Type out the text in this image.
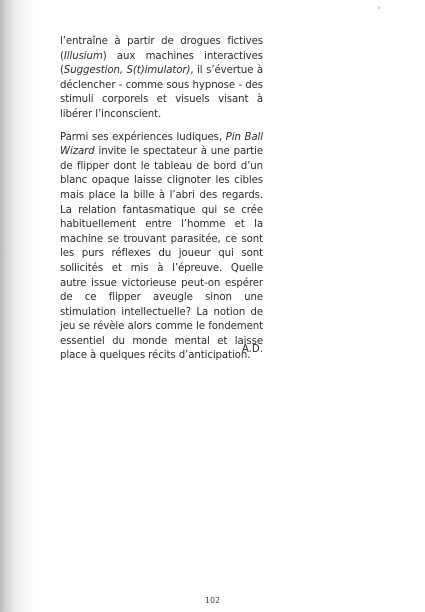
»

l’entraîne à partir de drogues fictives (Illusium) aux machines interactives (Suggestion, S(t)imulator), il s’évertue à déclencher - comme sous hypnose - des stimuli corporels et visuels visant à libérer l’inconscient.

Parmi ses expériences ludiques, Pin Ball Wizard invite le spectateur à une partie de flipper dont le tableau de bord d’un blanc opaque laisse clignoter les cibles mais place la bille à l’abri des regards. La relation fantasmatique qui se crée habituellement entre l’homme et la machine se trouvant parasitée, ce sont les purs réflexes du joueur qui sont sollicités et mis à l’épreuve. Quelle autre issue victorieuse peut-on espérer de ce flipper aveugle sinon une stimulation intellectuelle? La notion de jeu se révèle alors comme le fondement essentiel du monde mental et laisse place à quelques récits d’anticipation.

A.D.
102
